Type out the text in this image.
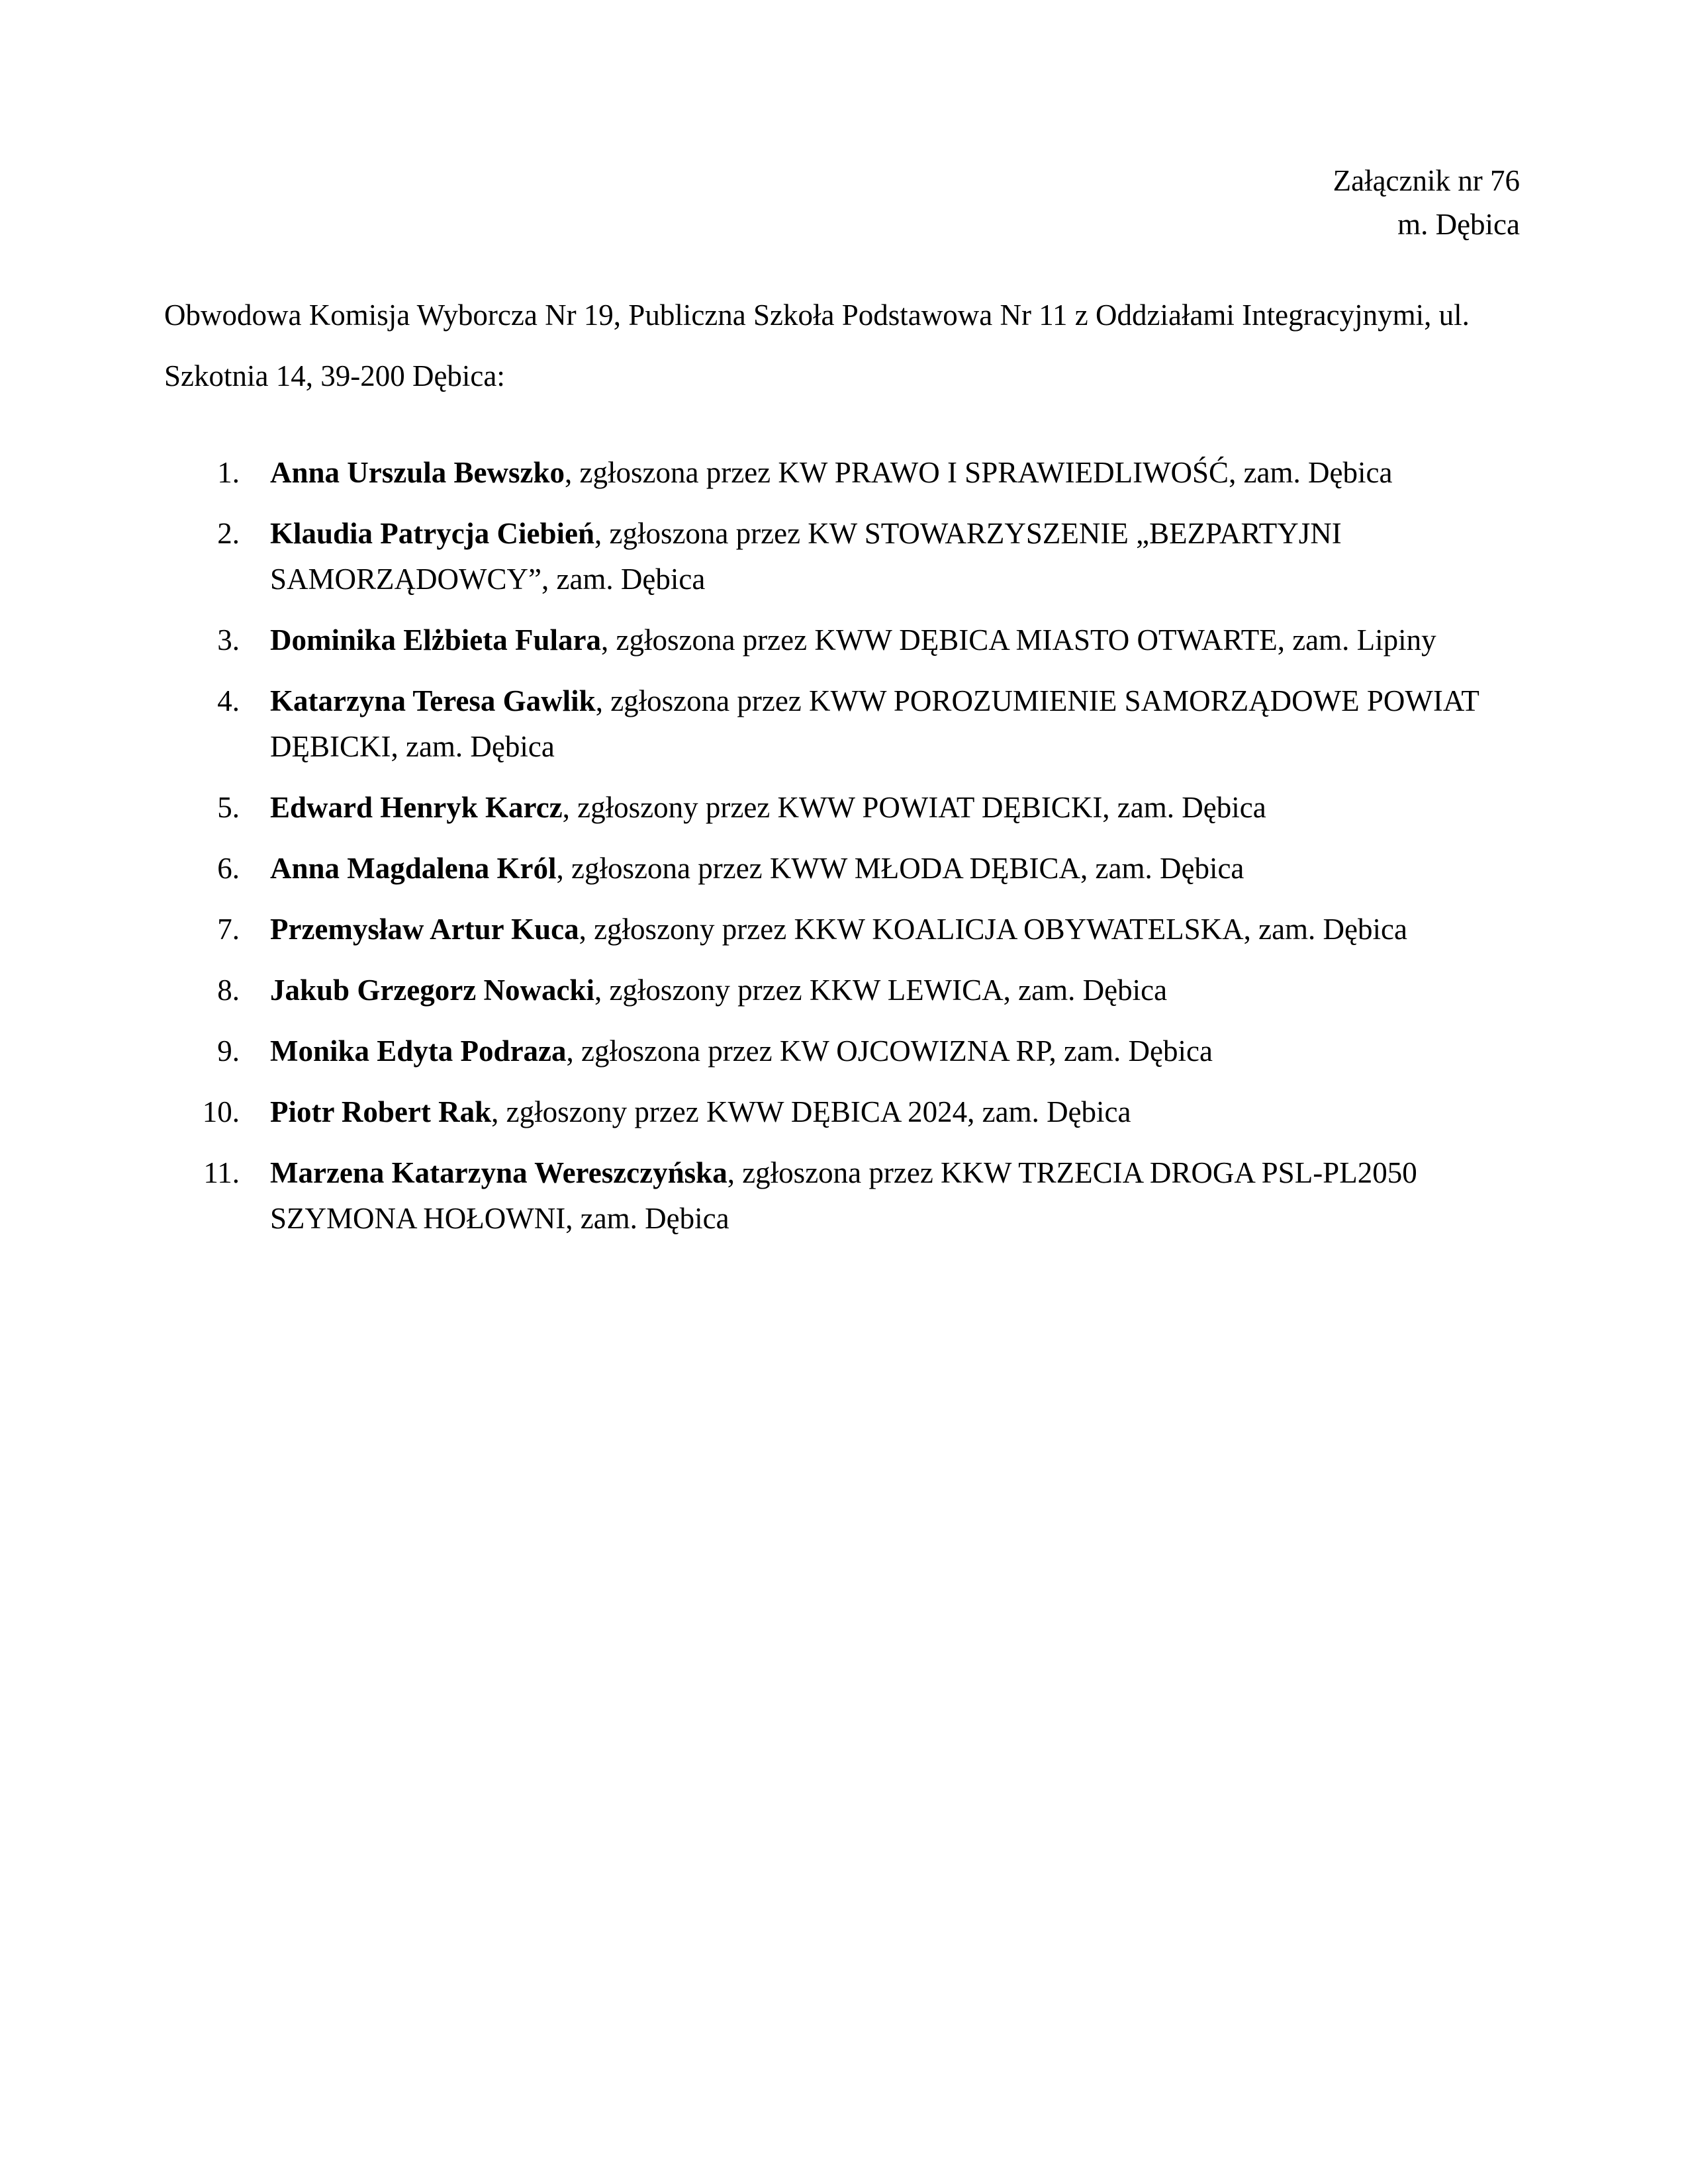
Załącznik nr 76
m. Dębica
Obwodowa Komisja Wyborcza Nr 19, Publiczna Szkoła Podstawowa Nr 11 z Oddziałami Integracyjnymi, ul. Szkotnia 14, 39-200 Dębica:
1. Anna Urszula Bewszko, zgłoszona przez KW PRAWO I SPRAWIEDLIWOŚĆ, zam. Dębica
2. Klaudia Patrycja Ciebień, zgłoszona przez KW STOWARZYSZENIE „BEZPARTYJNI SAMORZĄDOWCY”, zam. Dębica
3. Dominika Elżbieta Fulara, zgłoszona przez KWW DĘBICA MIASTO OTWARTE, zam. Lipiny
4. Katarzyna Teresa Gawlik, zgłoszona przez KWW POROZUMIENIE SAMORZĄDOWE POWIAT DĘBICKI, zam. Dębica
5. Edward Henryk Karcz, zgłoszony przez KWW POWIAT DĘBICKI, zam. Dębica
6. Anna Magdalena Król, zgłoszona przez KWW MŁODA DĘBICA, zam. Dębica
7. Przemysław Artur Kuca, zgłoszony przez KKW KOALICJA OBYWATELSKA, zam. Dębica
8. Jakub Grzegorz Nowacki, zgłoszony przez KKW LEWICA, zam. Dębica
9. Monika Edyta Podraza, zgłoszona przez KW OJCOWIZNA RP, zam. Dębica
10. Piotr Robert Rak, zgłoszony przez KWW DĘBICA 2024, zam. Dębica
11. Marzena Katarzyna Wereszczyńska, zgłoszona przez KKW TRZECIA DROGA PSL-PL2050 SZYMONA HOŁOWNI, zam. Dębica
